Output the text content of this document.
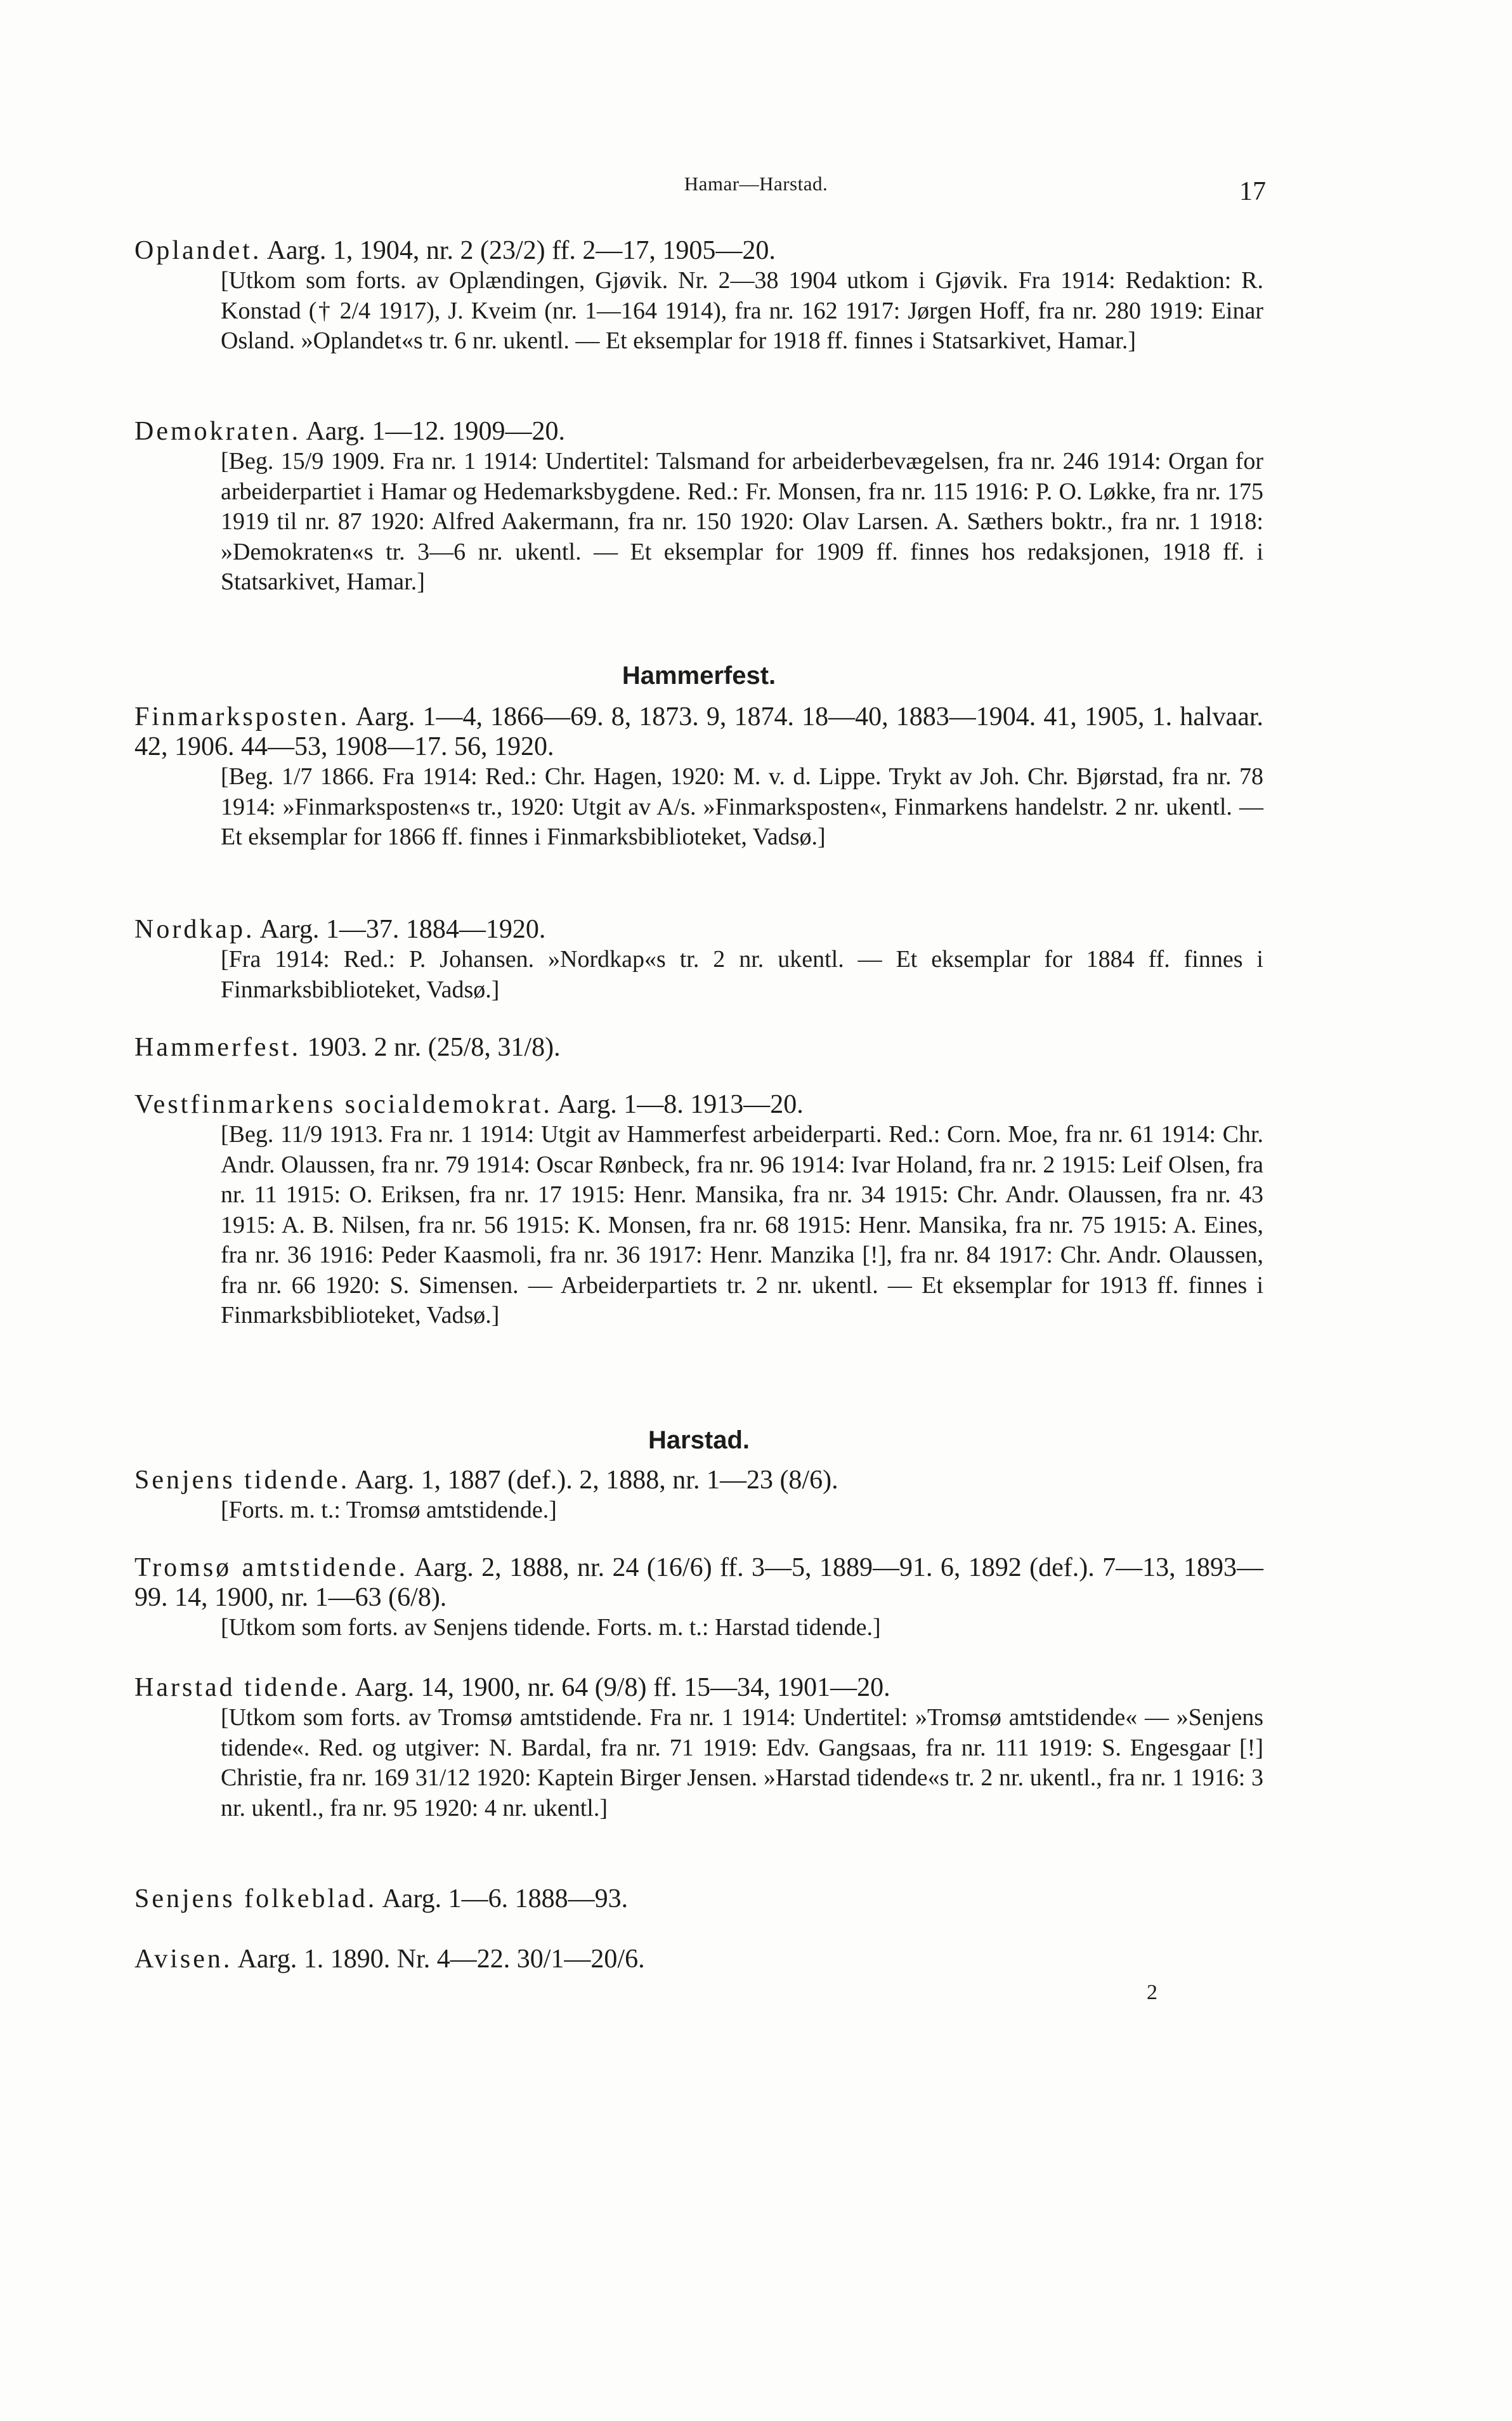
Hamar—Harstad.	17
Oplandet. Aarg. 1, 1904, nr. 2 (23/2) ff. 2—17, 1905—20.
[Utkom som forts. av Oplændingen, Gjøvik. Nr. 2—38 1904 utkom i Gjøvik. Fra 1914: Redaktion: R. Konstad († 2/4 1917), J. Kveim (nr. 1—164 1914), fra nr. 162 1917: Jørgen Hoff, fra nr. 280 1919: Einar Osland. »Oplandet«s tr. 6 nr. ukentl. — Et eksemplar for 1918 ff. finnes i Statsarkivet, Hamar.]
Demokraten. Aarg. 1—12. 1909—20.
[Beg. 15/9 1909. Fra nr. 1 1914: Undertitel: Talsmand for arbeiderbevægelsen, fra nr. 246 1914: Organ for arbeiderpartiet i Hamar og Hedemarksbygdene. Red.: Fr. Monsen, fra nr. 115 1916: P. O. Løkke, fra nr. 175 1919 til nr. 87 1920: Alfred Aakermann, fra nr. 150 1920: Olav Larsen. A. Sæthers boktr., fra nr. 1 1918: »Demokraten«s tr. 3—6 nr. ukentl. — Et eksemplar for 1909 ff. finnes hos redaksjonen, 1918 ff. i Statsarkivet, Hamar.]
Hammerfest.
Finmarksposten. Aarg. 1—4, 1866—69. 8, 1873. 9, 1874. 18—40, 1883—1904. 41, 1905, 1. halvaar. 42, 1906. 44—53, 1908—17. 56, 1920.
[Beg. 1/7 1866. Fra 1914: Red.: Chr. Hagen, 1920: M. v. d. Lippe. Trykt av Joh. Chr. Bjørstad, fra nr. 78 1914: »Finmarksposten«s tr., 1920: Utgit av A/s. »Finmarksposten«, Finmarkens handelstr. 2 nr. ukentl. — Et eksemplar for 1866 ff. finnes i Finmarksbiblioteket, Vadsø.]
Nordkap. Aarg. 1—37. 1884—1920.
[Fra 1914: Red.: P. Johansen. »Nordkap«s tr. 2 nr. ukentl. — Et eksemplar for 1884 ff. finnes i Finmarksbiblioteket, Vadsø.]
Hammerfest. 1903. 2 nr. (25/8, 31/8).
Vestfinmarkens socialdemokrat. Aarg. 1—8. 1913—20.
[Beg. 11/9 1913. Fra nr. 1 1914: Utgit av Hammerfest arbeiderparti. Red.: Corn. Moe, fra nr. 61 1914: Chr. Andr. Olaussen, fra nr. 79 1914: Oscar Rønbeck, fra nr. 96 1914: Ivar Holand, fra nr. 2 1915: Leif Olsen, fra nr. 11 1915: O. Eriksen, fra nr. 17 1915: Henr. Mansika, fra nr. 34 1915: Chr. Andr. Olaussen, fra nr. 43 1915: A. B. Nilsen, fra nr. 56 1915: K. Monsen, fra nr. 68 1915: Henr. Mansika, fra nr. 75 1915: A. Eines, fra nr. 36 1916: Peder Kaasmoli, fra nr. 36 1917: Henr. Manzika [!], fra nr. 84 1917: Chr. Andr. Olaussen, fra nr. 66 1920: S. Simensen. — Arbeiderpartiets tr. 2 nr. ukentl. — Et eksemplar for 1913 ff. finnes i Finmarksbiblioteket, Vadsø.]
Harstad.
Senjens tidende. Aarg. 1, 1887 (def.). 2, 1888, nr. 1—23 (8/6).
[Forts. m. t.: Tromsø amtstidende.]
Tromsø amtstidende. Aarg. 2, 1888, nr. 24 (16/6) ff. 3—5, 1889—91. 6, 1892 (def.). 7—13, 1893—99. 14, 1900, nr. 1—63 (6/8).
[Utkom som forts. av Senjens tidende. Forts. m. t.: Harstad tidende.]
Harstad tidende. Aarg. 14, 1900, nr. 64 (9/8) ff. 15—34, 1901—20.
[Utkom som forts. av Tromsø amtstidende. Fra nr. 1 1914: Undertitel: »Tromsø amtstidende« — »Senjens tidende«. Red. og utgiver: N. Bardal, fra nr. 71 1919: Edv. Gangsaas, fra nr. 111 1919: S. Engesgaar [!] Christie, fra nr. 169 31/12 1920: Kaptein Birger Jensen. »Harstad tidende«s tr. 2 nr. ukentl., fra nr. 1 1916: 3 nr. ukentl., fra nr. 95 1920: 4 nr. ukentl.]
Senjens folkeblad. Aarg. 1—6. 1888—93.
Avisen. Aarg. 1. 1890. Nr. 4—22. 30/1—20/6.
2
